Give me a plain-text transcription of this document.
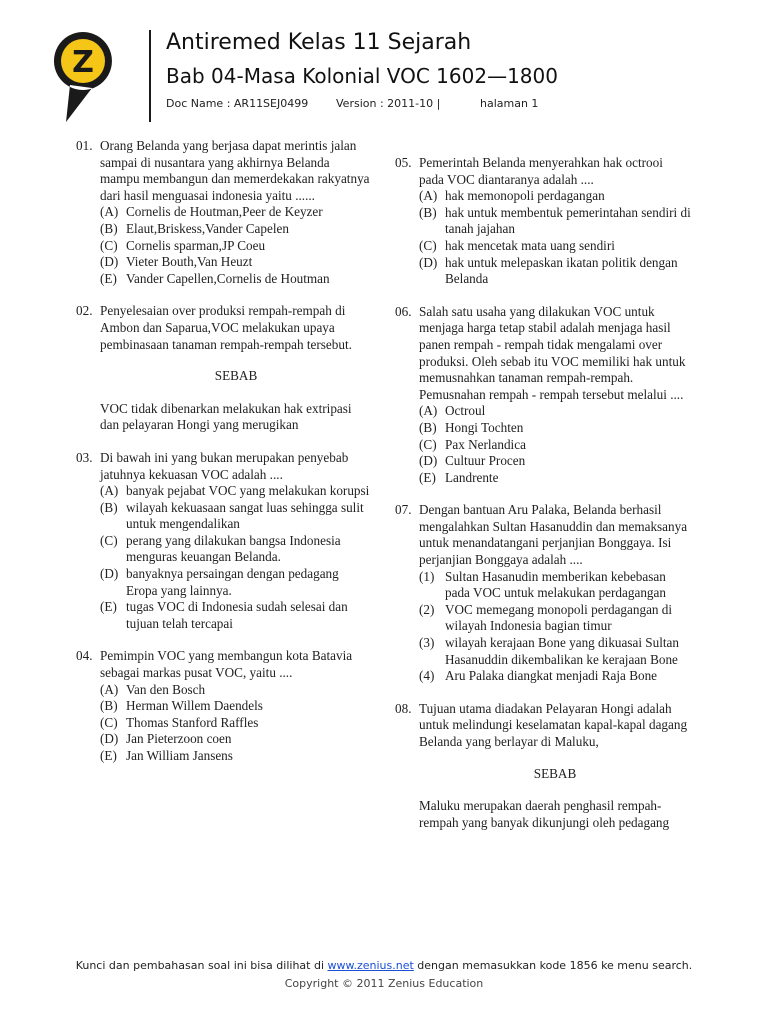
Z
Antiremed Kelas 11 Sejarah
Bab 04-Masa Kolonial VOC 1602—1800
Doc Name : AR11SEJ0499	Version : 2011-10 |	halaman 1
01. Orang Belanda yang berjasa dapat merintis jalan sampai di nusantara yang akhirnya Belanda mampu membangun dan memerdekakan rakyatnya dari hasil menguasai indonesia yaitu ......
(A) Cornelis de Houtman,Peer de Keyzer
(B) Elaut,Briskess,Vander Capelen
(C) Cornelis sparman,JP Coeu
(D) Vieter Bouth,Van Heuzt
(E) Vander Capellen,Cornelis de Houtman
02. Penyelesaian over produksi rempah-rempah di Ambon dan Saparua,VOC melakukan upaya pembinasaan tanaman rempah-rempah tersebut.
SEBAB
VOC tidak dibenarkan melakukan hak extripasi dan pelayaran Hongi yang merugikan
03. Di bawah ini yang bukan merupakan penyebab jatuhnya kekuasan VOC adalah ....
(A) banyak pejabat VOC yang melakukan korupsi
(B) wilayah kekuasaan sangat luas sehingga sulit untuk mengendalikan
(C) perang yang dilakukan bangsa Indonesia menguras keuangan Belanda.
(D) banyaknya persaingan dengan pedagang Eropa yang lainnya.
(E) tugas VOC di Indonesia sudah selesai dan tujuan telah tercapai
04. Pemimpin VOC yang membangun kota Batavia sebagai markas pusat VOC, yaitu ....
(A) Van den Bosch
(B) Herman Willem Daendels
(C) Thomas Stanford Raffles
(D) Jan Pieterzoon coen
(E) Jan William Jansens
05. Pemerintah Belanda menyerahkan hak octrooi pada VOC diantaranya adalah ....
(A) hak memonopoli perdagangan
(B) hak untuk membentuk pemerintahan sendiri di tanah jajahan
(C) hak mencetak mata uang sendiri
(D) hak untuk melepaskan ikatan politik dengan Belanda
06. Salah satu usaha yang dilakukan VOC untuk menjaga harga tetap stabil adalah menjaga hasil panen rempah - rempah tidak mengalami over produksi. Oleh sebab itu VOC memiliki hak untuk memusnahkan tanaman rempah-rempah. Pemusnahan rempah - rempah tersebut melalui ....
(A) Octroul
(B) Hongi Tochten
(C) Pax Nerlandica
(D) Cultuur Procen
(E) Landrente
07. Dengan bantuan Aru Palaka, Belanda berhasil mengalahkan Sultan Hasanuddin dan memaksanya untuk menandatangani perjanjian Bonggaya. Isi perjanjian Bonggaya adalah ....
(1) Sultan Hasanudin memberikan kebebasan pada VOC untuk melakukan perdagangan
(2) VOC memegang monopoli perdagangan di wilayah Indonesia bagian timur
(3) wilayah kerajaan Bone yang dikuasai Sultan Hasanuddin dikembalikan ke kerajaan Bone
(4) Aru Palaka diangkat menjadi Raja Bone
08. Tujuan utama diadakan Pelayaran Hongi adalah untuk melindungi keselamatan kapal-kapal dagang Belanda yang berlayar di Maluku,
SEBAB
Maluku merupakan daerah penghasil rempah-rempah yang banyak dikunjungi oleh pedagang
Kunci dan pembahasan soal ini bisa dilihat di www.zenius.net dengan memasukkan kode 1856 ke menu search.
Copyright © 2011 Zenius Education
